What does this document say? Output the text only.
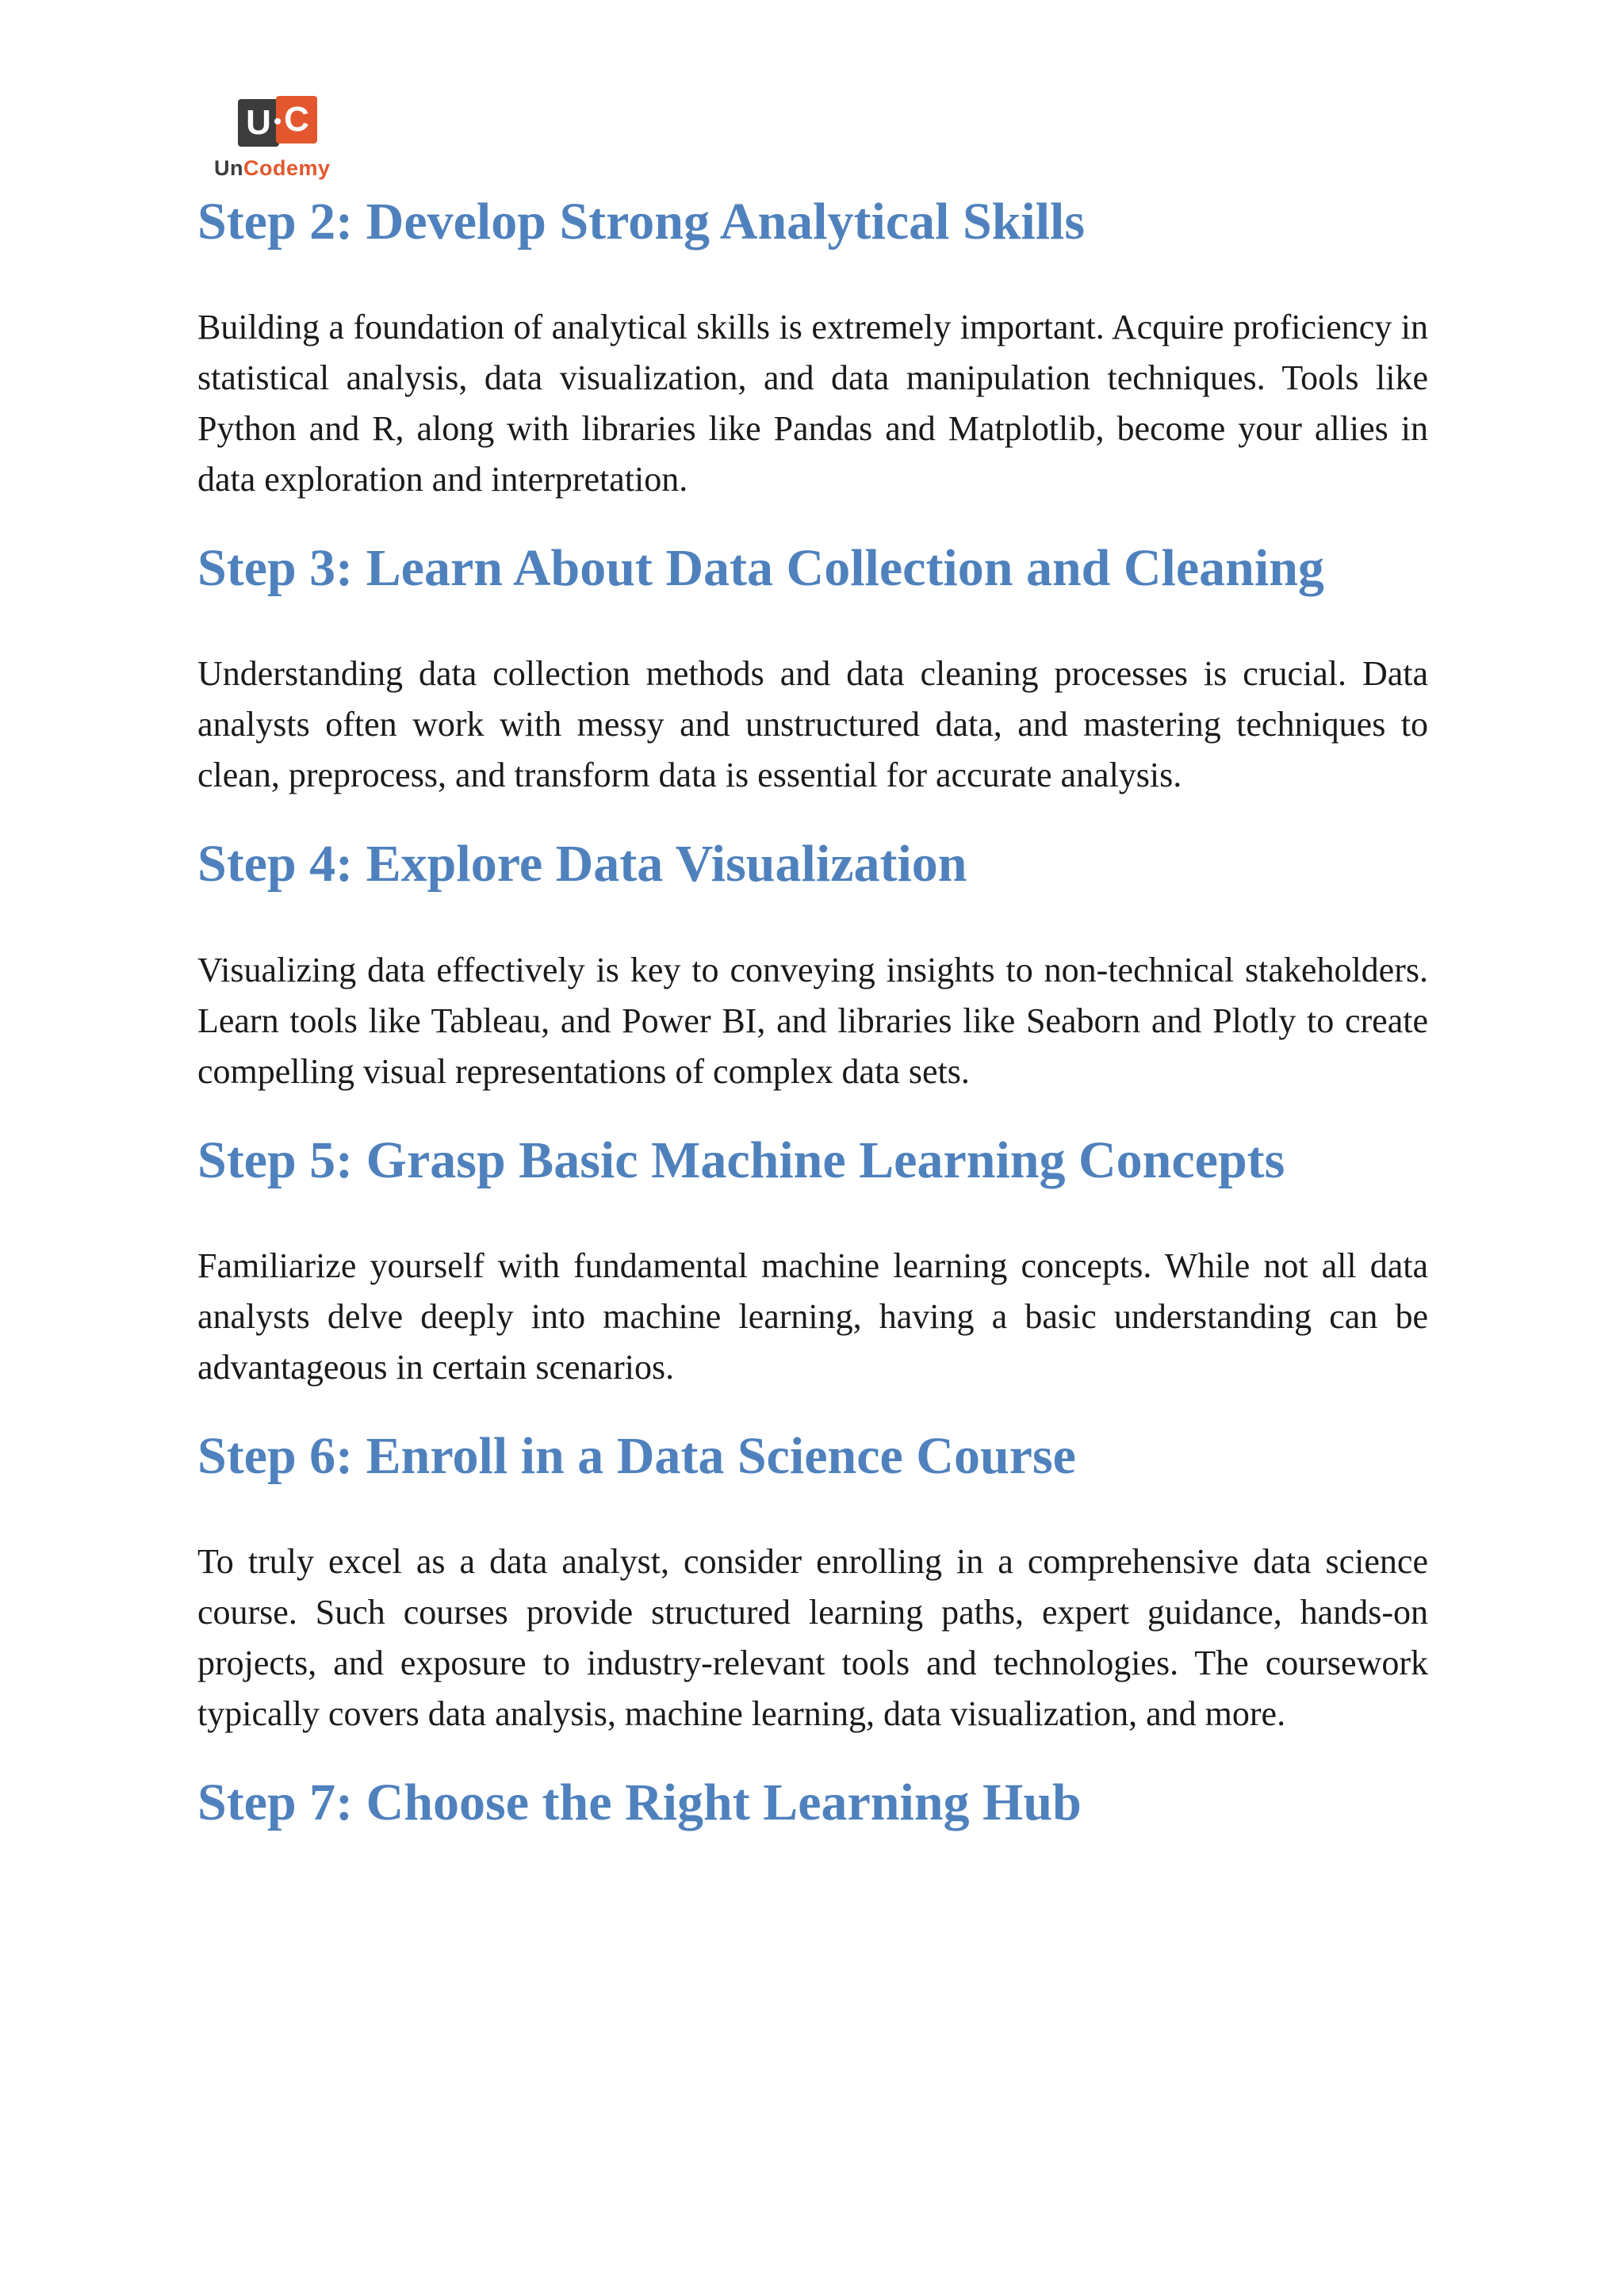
U C
UnCodemy
Step 2: Develop Strong Analytical Skills

Building a foundation of analytical skills is extremely important. Acquire proficiency in statistical analysis, data visualization, and data manipulation techniques. Tools like Python and R, along with libraries like Pandas and Matplotlib, become your allies in data exploration and interpretation.

Step 3: Learn About Data Collection and Cleaning

Understanding data collection methods and data cleaning processes is crucial. Data analysts often work with messy and unstructured data, and mastering techniques to clean, preprocess, and transform data is essential for accurate analysis.

Step 4: Explore Data Visualization

Visualizing data effectively is key to conveying insights to non-technical stakeholders. Learn tools like Tableau, and Power BI, and libraries like Seaborn and Plotly to create compelling visual representations of complex data sets.

Step 5: Grasp Basic Machine Learning Concepts

Familiarize yourself with fundamental machine learning concepts. While not all data analysts delve deeply into machine learning, having a basic understanding can be advantageous in certain scenarios.

Step 6: Enroll in a Data Science Course

To truly excel as a data analyst, consider enrolling in a comprehensive data science course. Such courses provide structured learning paths, expert guidance, hands-on projects, and exposure to industry-relevant tools and technologies. The coursework typically covers data analysis, machine learning, data visualization, and more.

Step 7: Choose the Right Learning Hub
